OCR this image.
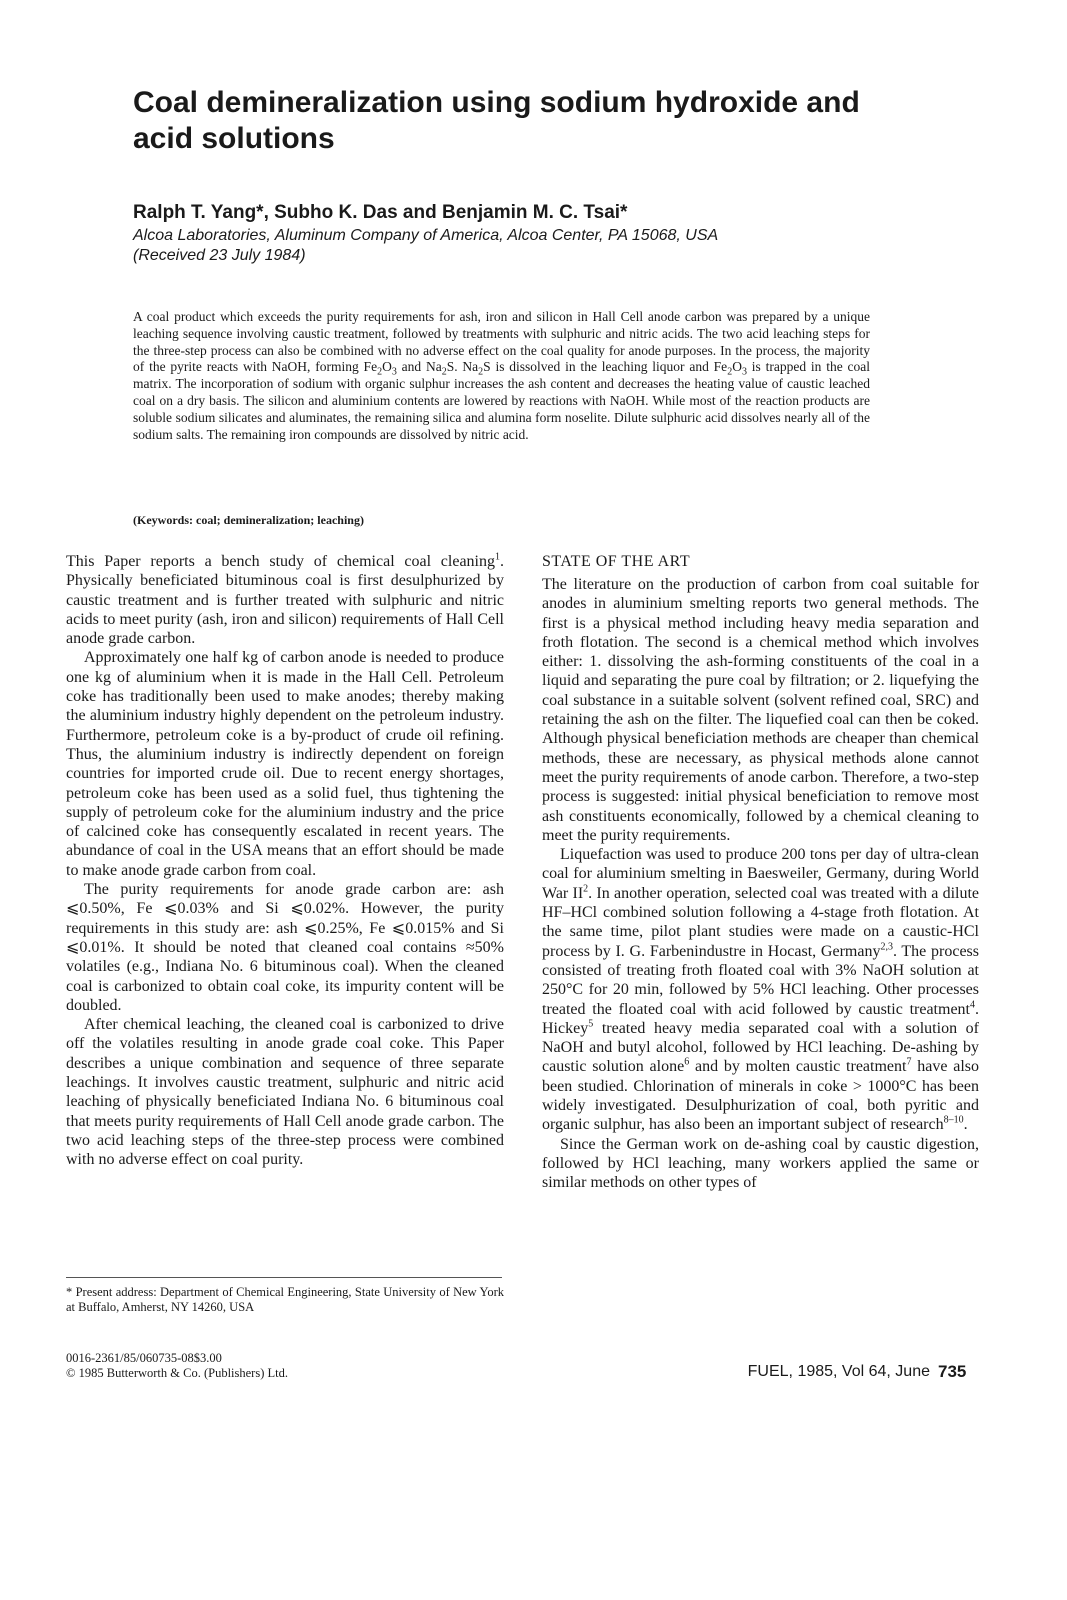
Coal demineralization using sodium hydroxide and acid solutions

Ralph T. Yang*, Subho K. Das and Benjamin M. C. Tsai*

Alcoa Laboratories, Aluminum Company of America, Alcoa Center, PA 15068, USA

(Received 23 July 1984)

A coal product which exceeds the purity requirements for ash, iron and silicon in Hall Cell anode carbon was prepared by a unique leaching sequence involving caustic treatment, followed by treatments with sulphuric and nitric acids. The two acid leaching steps for the three-step process can also be combined with no adverse effect on the coal quality for anode purposes. In the process, the majority of the pyrite reacts with NaOH, forming $Fe_2O_3$ and $Na_2S$. $Na_2S$ is dissolved in the leaching liquor and $Fe_2O_3$ is trapped in the coal matrix. The incorporation of sodium with organic sulphur increases the ash content and decreases the heating value of caustic leached coal on a dry basis. The silicon and aluminium contents are lowered by reactions with NaOH. While most of the reaction products are soluble sodium silicates and aluminates, the remaining silica and alumina form noselite. Dilute sulphuric acid dissolves nearly all of the sodium salts. The remaining iron compounds are dissolved by nitric acid.

(Keywords: coal; demineralization; leaching)

This Paper reports a bench study of chemical coal cleaning$^1$. Physically beneficiated bituminous coal is first desulphurized by caustic treatment and is further treated with sulphuric and nitric acids to meet purity (ash, iron and silicon) requirements of Hall Cell anode grade carbon.

Approximately one half kg of carbon anode is needed to produce one kg of aluminium when it is made in the Hall Cell. Petroleum coke has traditionally been used to make anodes; thereby making the aluminium industry highly dependent on the petroleum industry. Furthermore, petroleum coke is a by-product of crude oil refining. Thus, the aluminium industry is indirectly dependent on foreign countries for imported crude oil. Due to recent energy shortages, petroleum coke has been used as a solid fuel, thus tightening the supply of petroleum coke for the aluminium industry and the price of calcined coke has consequently escalated in recent years. The abundance of coal in the USA means that an effort should be made to make anode grade carbon from coal.

The purity requirements for anode grade carbon are: ash ⩽0.50%, Fe ⩽0.03% and Si ⩽0.02%. However, the purity requirements in this study are: ash ⩽0.25%, Fe ⩽0.015% and Si ⩽0.01%. It should be noted that cleaned coal contains ≈50% volatiles (e.g., Indiana No. 6 bituminous coal). When the cleaned coal is carbonized to obtain coal coke, its impurity content will be doubled.

After chemical leaching, the cleaned coal is carbonized to drive off the volatiles resulting in anode grade coal coke. This Paper describes a unique combination and sequence of three separate leachings. It involves caustic treatment, sulphuric and nitric acid leaching of physically beneficiated Indiana No. 6 bituminous coal that meets purity requirements of Hall Cell anode grade carbon. The two acid leaching steps of the three-step process were combined with no adverse effect on coal purity.

* Present address: Department of Chemical Engineering, State University of New York at Buffalo, Amherst, NY 14260, USA

STATE OF THE ART

The literature on the production of carbon from coal suitable for anodes in aluminium smelting reports two general methods. The first is a physical method including heavy media separation and froth flotation. The second is a chemical method which involves either: 1. dissolving the ash-forming constituents of the coal in a liquid and separating the pure coal by filtration; or 2. liquefying the coal substance in a suitable solvent (solvent refined coal, SRC) and retaining the ash on the filter. The liquefied coal can then be coked. Although physical beneficiation methods are cheaper than chemical methods, these are necessary, as physical methods alone cannot meet the purity requirements of anode carbon. Therefore, a two-step process is suggested: initial physical beneficiation to remove most ash constituents economically, followed by a chemical cleaning to meet the purity requirements.

Liquefaction was used to produce 200 tons per day of ultra-clean coal for aluminium smelting in Baesweiler, Germany, during World War $II^2$. In another operation, selected coal was treated with a dilute HF–HCl combined solution following a 4-stage froth flotation. At the same time, pilot plant studies were made on a caustic-HCl process by I. G. Farbenindustre in Hocast, Germany$^{2,3}$. The process consisted of treating froth floated coal with 3% NaOH solution at 250°C for 20 min, followed by 5% HCl leaching. Other processes treated the floated coal with acid followed by caustic treatment$^4$. Hickey$^5$ treated heavy media separated coal with a solution of NaOH and butyl alcohol, followed by HCl leaching. De-ashing by caustic solution alone$^6$ and by molten caustic treatment$^7$ have also been studied. Chlorination of minerals in coke > 1000°C has been widely investigated. Desulphurization of coal, both pyritic and organic sulphur, has also been an important subject of research$^{8-10}$.

Since the German work on de-ashing coal by caustic digestion, followed by HCl leaching, many workers applied the same or similar methods on other types of

0016-2361/85/060735-08$3.00

© 1985 Butterworth & Co. (Publishers) Ltd.	FUEL, 1985, Vol 64, June 735
